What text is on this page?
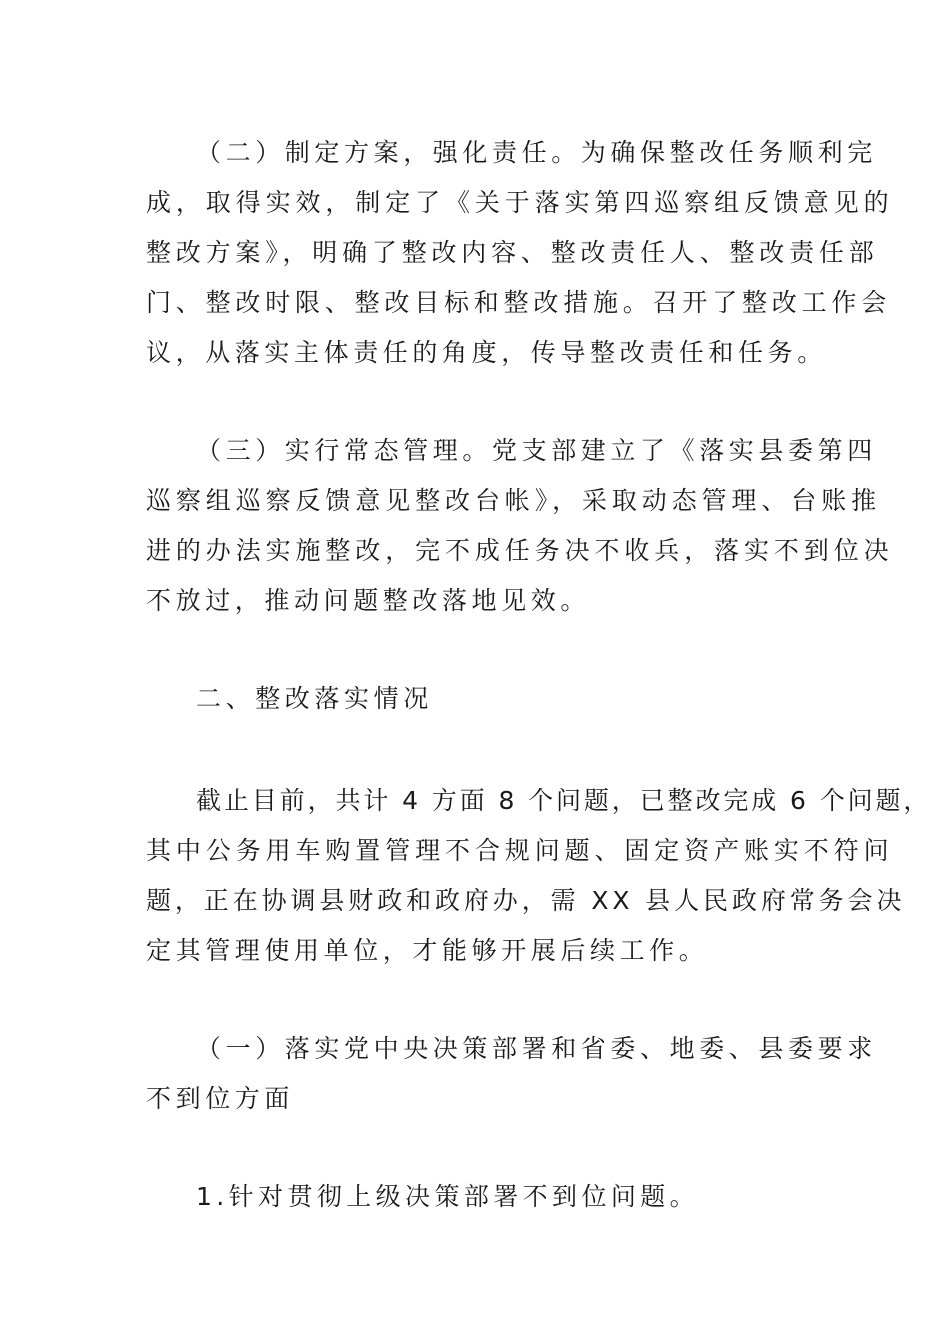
（二）制定方案，强化责任。为确保整改任务顺利完
成，取得实效，制定了《关于落实第四巡察组反馈意见的
整改方案》，明确了整改内容、整改责任人、整改责任部
门、整改时限、整改目标和整改措施。召开了整改工作会
议，从落实主体责任的角度，传导整改责任和任务。
（三）实行常态管理。党支部建立了《落实县委第四
巡察组巡察反馈意见整改台帐》，采取动态管理、台账推
进的办法实施整改，完不成任务决不收兵，落实不到位决
不放过，推动问题整改落地见效。
二、整改落实情况
截止目前，共计 4 方面 8 个问题，已整改完成 6 个问题，
其中公务用车购置管理不合规问题、固定资产账实不符问
题，正在协调县财政和政府办，需 XX 县人民政府常务会决
定其管理使用单位，才能够开展后续工作。
（一）落实党中央决策部署和省委、地委、县委要求
不到位方面
1.针对贯彻上级决策部署不到位问题。
